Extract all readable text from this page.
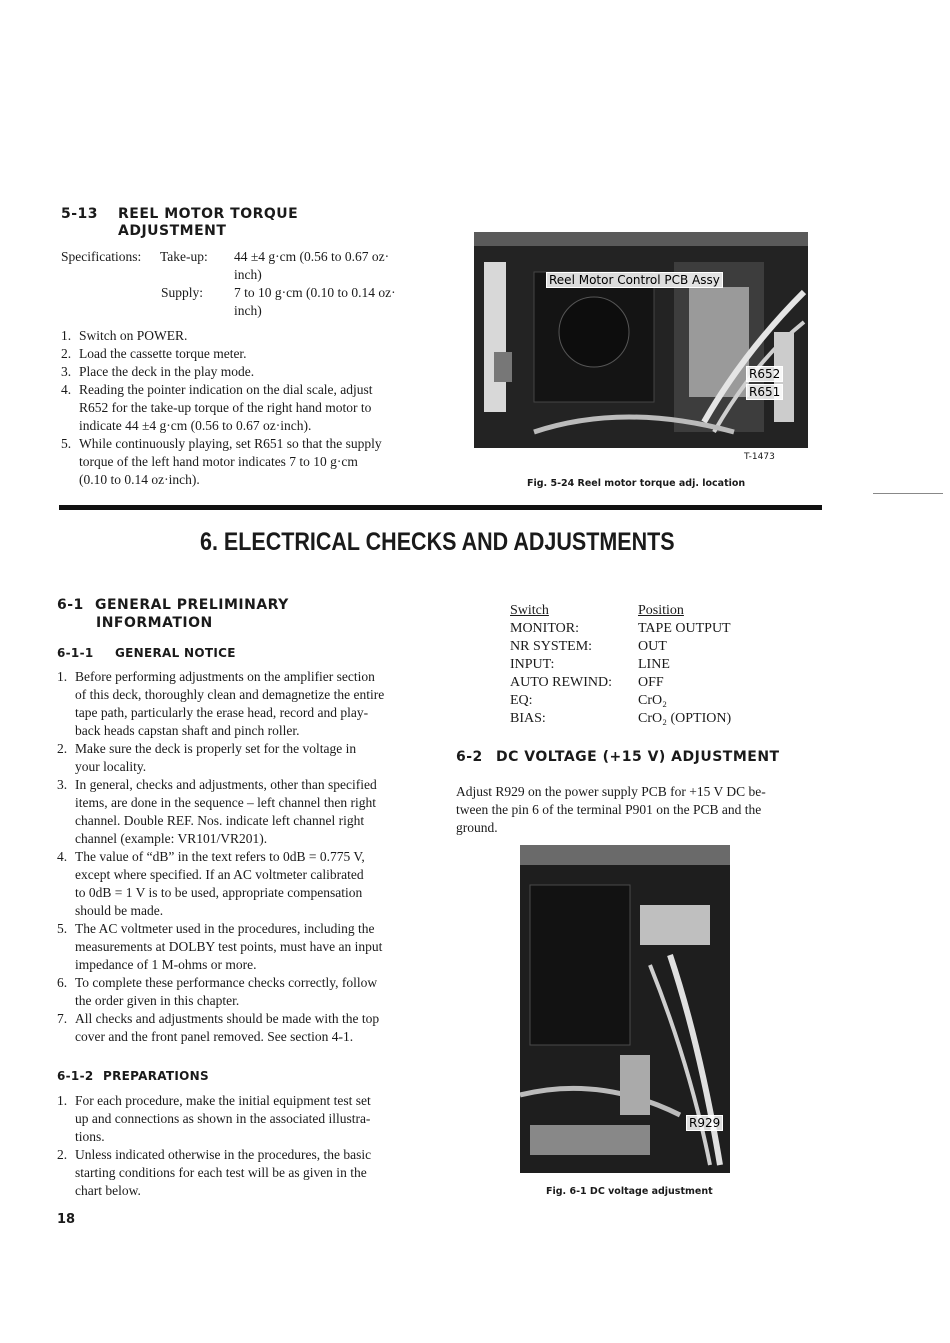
5-13 REEL MOTOR TORQUE
ADJUSTMENT
Specifications: Take-up: 44 ±4 g·cm (0.56 to 0.67 oz·
inch)
Supply: 7 to 10 g·cm (0.10 to 0.14 oz·
inch)
1. Switch on POWER.
2. Load the cassette torque meter.
3. Place the deck in the play mode.
4. Reading the pointer indication on the dial scale, adjust
R652 for the take-up torque of the right hand motor to
indicate 44 ±4 g·cm (0.56 to 0.67 oz·inch).
5. While continuously playing, set R651 so that the supply
torque of the left hand motor indicates 7 to 10 g·cm
(0.10 to 0.14 oz·inch).
Reel Motor Control PCB Assy
R652
R651
T-1473
Fig. 5-24 Reel motor torque adj. location
6. ELECTRICAL CHECKS AND ADJUSTMENTS
6-1 GENERAL PRELIMINARY
INFORMATION
6-1-1 GENERAL NOTICE
1. Before performing adjustments on the amplifier section
of this deck, thoroughly clean and demagnetize the entire
tape path, particularly the erase head, record and play-
back heads capstan shaft and pinch roller.
2. Make sure the deck is properly set for the voltage in
your locality.
3. In general, checks and adjustments, other than specified
items, are done in the sequence – left channel then right
channel. Double REF. Nos. indicate left channel right
channel (example: VR101/VR201).
4. The value of “dB” in the text refers to 0dB = 0.775 V,
except where specified. If an AC voltmeter calibrated
to 0dB = 1 V is to be used, appropriate compensation
should be made.
5. The AC voltmeter used in the procedures, including the
measurements at DOLBY test points, must have an input
impedance of 1 M-ohms or more.
6. To complete these performance checks correctly, follow
the order given in this chapter.
7. All checks and adjustments should be made with the top
cover and the front panel removed. See section 4-1.
6-1-2 PREPARATIONS
1. For each procedure, make the initial equipment test set
up and connections as shown in the associated illustra-
tions.
2. Unless indicated otherwise in the procedures, the basic
starting conditions for each test will be as given in the
chart below.
18
Switch	Position
MONITOR:	TAPE OUTPUT
NR SYSTEM:	OUT
INPUT:	LINE
AUTO REWIND:	OFF
EQ:	CrO₂
BIAS:	CrO₂ (OPTION)
6-2 DC VOLTAGE (+15 V) ADJUSTMENT
Adjust R929 on the power supply PCB for +15 V DC be-
tween the pin 6 of the terminal P901 on the PCB and the
ground.
R929
Fig. 6-1 DC voltage adjustment
